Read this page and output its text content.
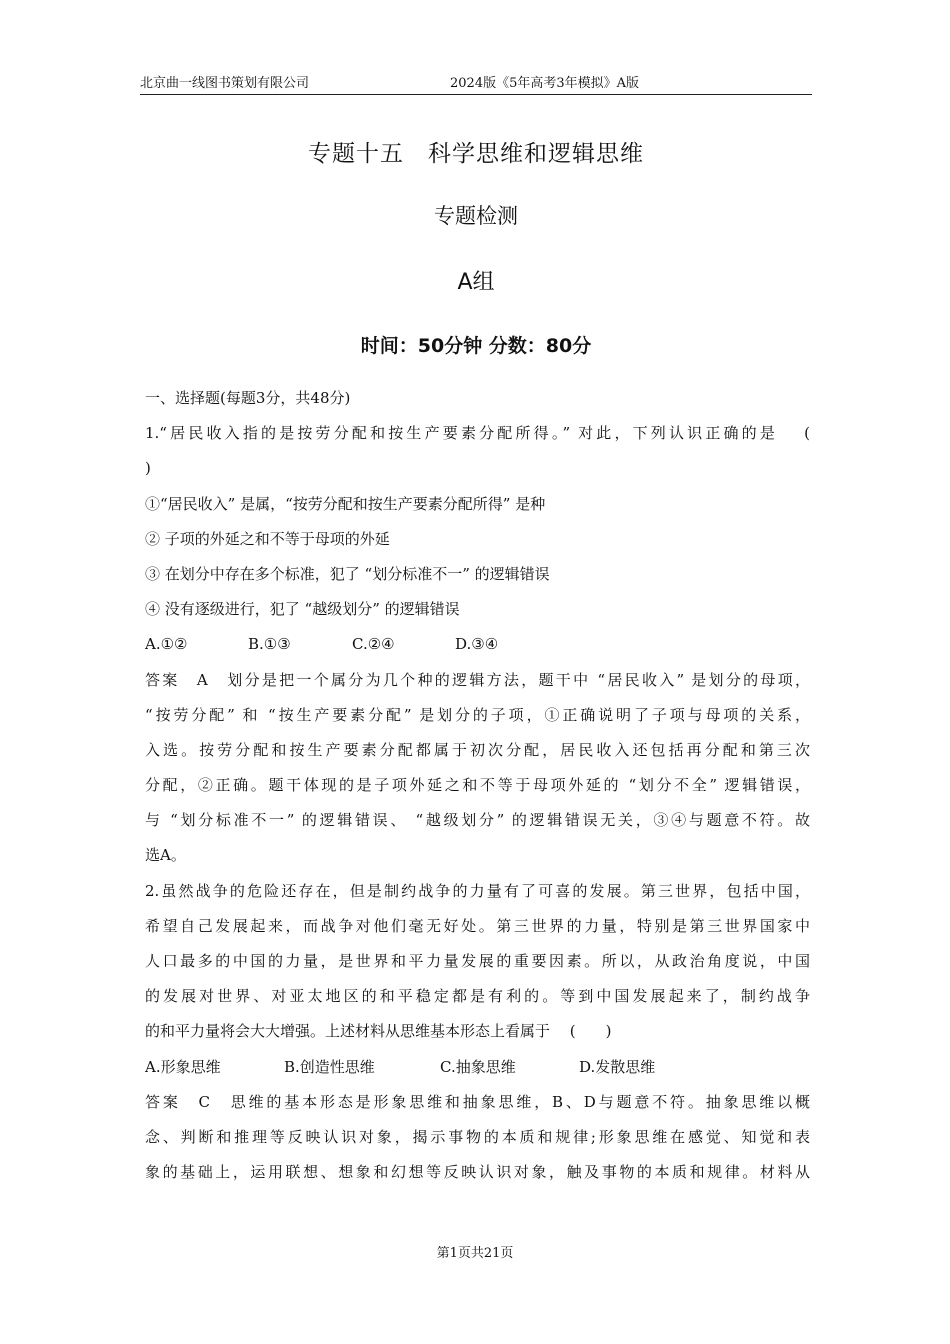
北京曲一线图书策划有限公司	2024版《5年高考3年模拟》A版
专题十五　科学思维和逻辑思维
专题检测
A组
时间：50分钟 分数：80分
一、选择题(每题3分，共48分)
1.“居民收入指的是按劳分配和按生产要素分配所得。” 对此，下列认识正确的是　 (
)
①“居民收入” 是属，“按劳分配和按生产要素分配所得” 是种
② 子项的外延之和不等于母项的外延
③ 在划分中存在多个标准，犯了 “划分标准不一” 的逻辑错误
④ 没有逐级进行，犯了 “越级划分” 的逻辑错误
A.①②	B.①③	C.②④	D.③④
答案　A　划分是把一个属分为几个种的逻辑方法，题干中 “居民收入” 是划分的母项，
“按劳分配” 和 “按生产要素分配” 是划分的子项，①正确说明了子项与母项的关系，
入选。按劳分配和按生产要素分配都属于初次分配，居民收入还包括再分配和第三次
分配，②正确。题干体现的是子项外延之和不等于母项外延的 “划分不全” 逻辑错误，
与 “划分标准不一” 的逻辑错误、 “越级划分” 的逻辑错误无关，③④与题意不符。故
选A。
2.虽然战争的危险还存在，但是制约战争的力量有了可喜的发展。第三世界，包括中国，
希望自己发展起来，而战争对他们毫无好处。第三世界的力量，特别是第三世界国家中
人口最多的中国的力量，是世界和平力量发展的重要因素。所以，从政治角度说，中国
的发展对世界、对亚太地区的和平稳定都是有利的。等到中国发展起来了，制约战争
的和平力量将会大大增强。上述材料从思维基本形态上看属于　 (　　)
A.形象思维	B.创造性思维	C.抽象思维	D.发散思维
答案　C　思维的基本形态是形象思维和抽象思维，B、D与题意不符。抽象思维以概
念、判断和推理等反映认识对象，揭示事物的本质和规律;形象思维在感觉、知觉和表
象的基础上，运用联想、想象和幻想等反映认识对象，触及事物的本质和规律。材料从
第1页共21页
